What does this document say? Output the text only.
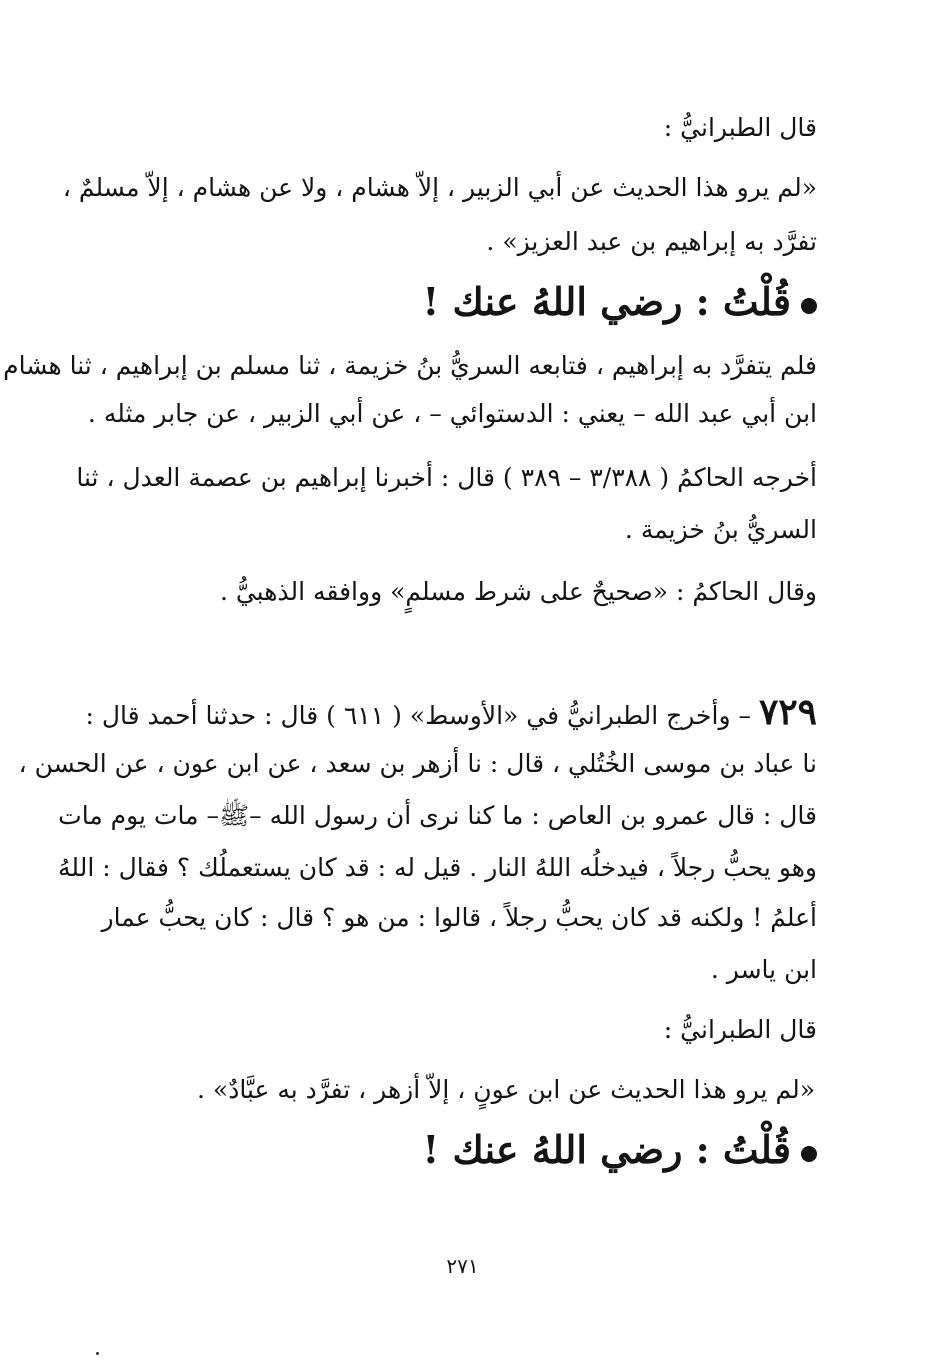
قال الطبرانيُّ :
«لم يرو هذا الحديث عن أبي الزبير ، إلاّ هشام ، ولا عن هشام ، إلاّ مسلمٌ ،
تفرَّد به إبراهيم بن عبد العزيز» .
قُلْتُ : رضي اللهُ عنك !
فلم يتفرَّد به إبراهيم ، فتابعه السريُّ بنُ خزيمة ، ثنا مسلم بن إبراهيم ، ثنا هشام
ابن أبي عبد الله – يعني : الدستوائي – ، عن أبي الزبير ، عن جابر مثله .
أخرجه الحاكمُ ( ٣/٣٨٨ – ٣٨٩ ) قال : أخبرنا إبراهيم بن عصمة العدل ، ثنا
السريُّ بنُ خزيمة .
وقال الحاكمُ : «صحيحٌ على شرط مسلمٍ» ووافقه الذهبيُّ .
٧٢٩– وأخرج الطبرانيُّ في «الأوسط» ( ٦١١ ) قال : حدثنا أحمد قال :
نا عباد بن موسى الخُتُلي ، قال : نا أزهر بن سعد ، عن ابن عون ، عن الحسن ،
قال : قال عمرو بن العاص : ما كنا نرى أن رسول الله –ﷺ– مات يوم مات
وهو يحبُّ رجلاً ، فيدخلُه اللهُ النار . قيل له : قد كان يستعملُك ؟ فقال : اللهُ
أعلمُ ! ولكنه قد كان يحبُّ رجلاً ، قالوا : من هو ؟ قال : كان يحبُّ عمار
ابن ياسر .
قال الطبرانيُّ :
«لم يرو هذا الحديث عن ابن عونٍ ، إلاّ أزهر ، تفرَّد به عبَّادٌ» .
قُلْتُ : رضي اللهُ عنك !
٢٧١
